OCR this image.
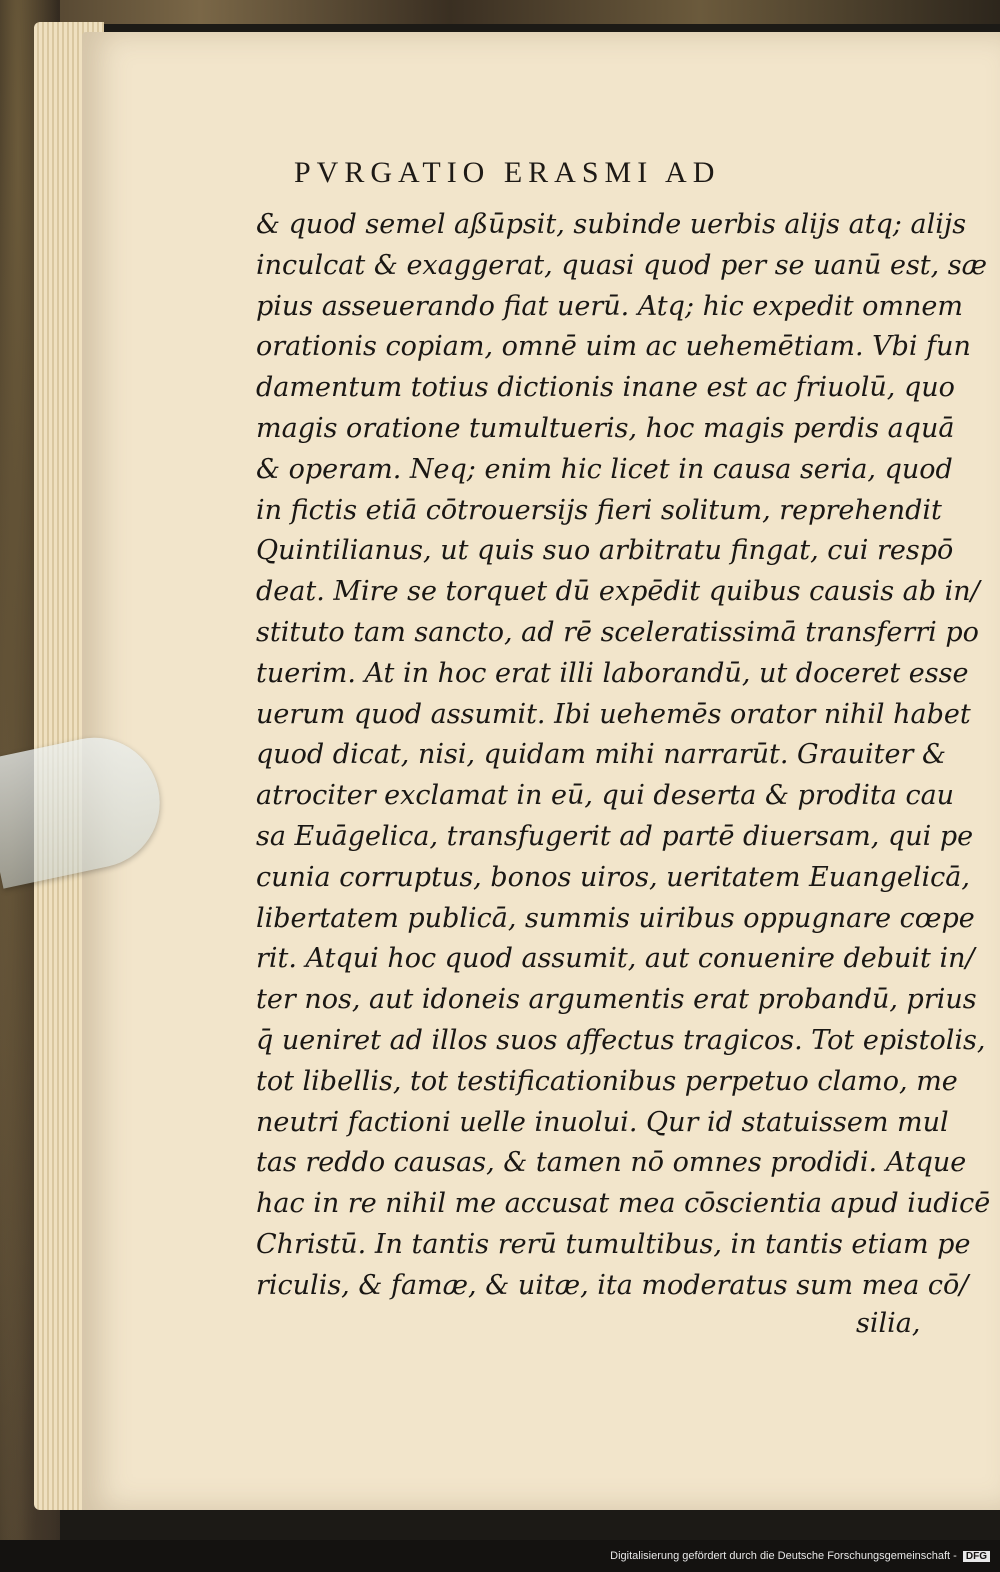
PVRGATIO ERASMI AD
& quod semel aßūpsit, subinde uerbis alijs atq; alijs
inculcat & exaggerat, quasi quod per se uanū est, sæ
pius asseuerando fiat uerū. Atq; hic expedit omnem
orationis copiam, omnē uim ac uehemētiam. Vbi fun
damentum totius dictionis inane est ac friuolū, quo
magis oratione tumultueris, hoc magis perdis aquā
& operam. Neq; enim hic licet in causa seria, quod
in fictis etiā cōtrouersijs fieri solitum, reprehendit
Quintilianus, ut quis suo arbitratu fingat, cui respō
deat. Mire se torquet dū expēdit quibus causis ab in/
stituto tam sancto, ad rē sceleratissimā transferri po
tuerim. At in hoc erat illi laborandū, ut doceret esse
uerum quod assumit. Ibi uehemēs orator nihil habet
quod dicat, nisi, quidam mihi narrarūt. Grauiter &
atrociter exclamat in eū, qui deserta & prodita cau
sa Euāgelica, transfugerit ad partē diuersam, qui pe
cunia corruptus, bonos uiros, ueritatem Euangelicā,
libertatem publicā, summis uiribus oppugnare cœpe
rit. Atqui hoc quod assumit, aut conuenire debuit in/
ter nos, aut idoneis argumentis erat probandū, prius
q̄ ueniret ad illos suos affectus tragicos. Tot epistolis,
tot libellis, tot testificationibus perpetuo clamo, me
neutri factioni uelle inuolui. Qur id statuissem mul
tas reddo causas, & tamen nō omnes prodidi. Atque
hac in re nihil me accusat mea cōscientia apud iudicē
Christū. In tantis rerū tumultibus, in tantis etiam pe
riculis, & famæ, & uitæ, ita moderatus sum mea cō/
silia,
Digitalisierung gefördert durch die Deutsche Forschungsgemeinschaft - DFG
